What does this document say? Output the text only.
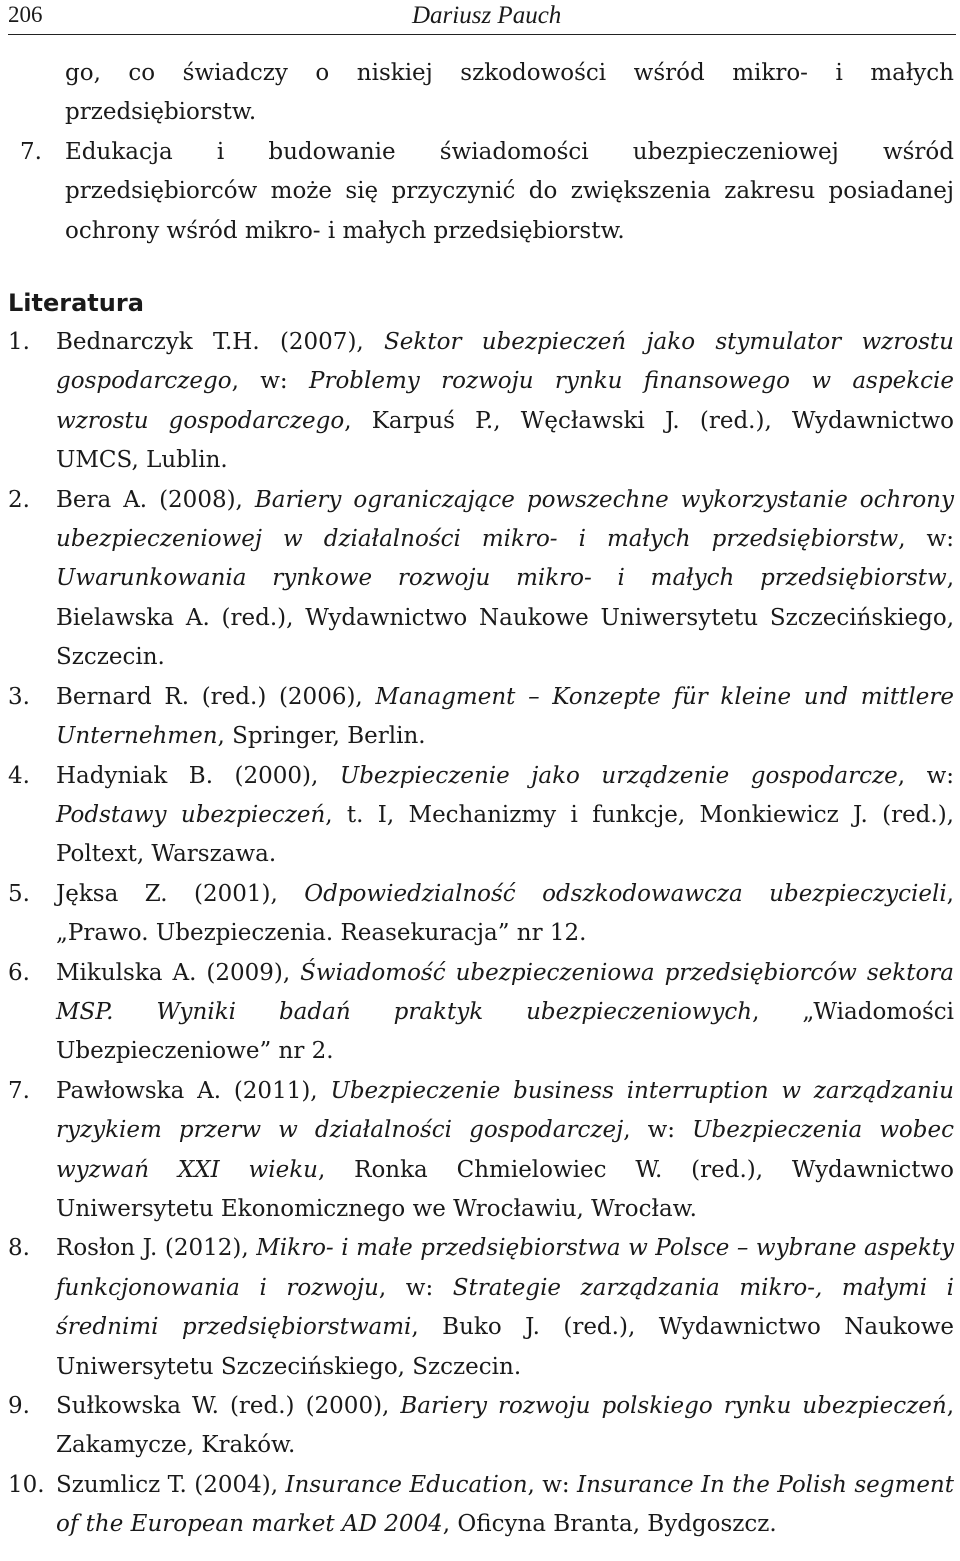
206	Dariusz Pauch
go, co świadczy o niskiej szkodowości wśród mikro- i małych przedsiębiorstw.
7.	Edukacja i budowanie świadomości ubezpieczeniowej wśród przedsiębiorców może się przyczynić do zwiększenia zakresu posiadanej ochrony wśród mikro- i małych przedsiębiorstw.
Literatura
1.	Bednarczyk T.H. (2007), Sektor ubezpieczeń jako stymulator wzrostu gospodarczego, w: Problemy rozwoju rynku finansowego w aspekcie wzrostu gospodarczego, Karpuś P., Węcławski J. (red.), Wydawnictwo UMCS, Lublin.
2.	Bera A. (2008), Bariery ograniczające powszechne wykorzystanie ochrony ubezpieczeniowej w działalności mikro- i małych przedsiębiorstw, w: Uwarunkowania rynkowe rozwoju mikro- i małych przedsiębiorstw, Bielawska A. (red.), Wydawnictwo Naukowe Uniwersytetu Szczecińskiego, Szczecin.
3.	Bernard R. (red.) (2006), Managment – Konzepte für kleine und mittlere Unternehmen, Springer, Berlin.
4.	Hadyniak B. (2000), Ubezpieczenie jako urządzenie gospodarcze, w: Podstawy ubezpieczeń, t. I, Mechanizmy i funkcje, Monkiewicz J. (red.), Poltext, Warszawa.
5.	Jęksa Z. (2001), Odpowiedzialność odszkodowawcza ubezpieczycieli, „Prawo. Ubezpieczenia. Reasekuracja” nr 12.
6.	Mikulska A. (2009), Świadomość ubezpieczeniowa przedsiębiorców sektora MSP. Wyniki badań praktyk ubezpieczeniowych, „Wiadomości Ubezpieczeniowe” nr 2.
7.	Pawłowska A. (2011), Ubezpieczenie business interruption w zarządzaniu ryzykiem przerw w działalności gospodarczej, w: Ubezpieczenia wobec wyzwań XXI wieku, Ronka Chmielowiec W. (red.), Wydawnictwo Uniwersytetu Ekonomicznego we Wrocławiu, Wrocław.
8.	Rosłon J. (2012), Mikro- i małe przedsiębiorstwa w Polsce – wybrane aspekty funkcjonowania i rozwoju, w: Strategie zarządzania mikro-, małymi i średnimi przedsiębiorstwami, Buko J. (red.), Wydawnictwo Naukowe Uniwersytetu Szczecińskiego, Szczecin.
9.	Sułkowska W. (red.) (2000), Bariery rozwoju polskiego rynku ubezpieczeń, Zakamycze, Kraków.
10. Szumlicz T. (2004), Insurance Education, w: Insurance In the Polish segment of the European market AD 2004, Oficyna Branta, Bydgoszcz.
